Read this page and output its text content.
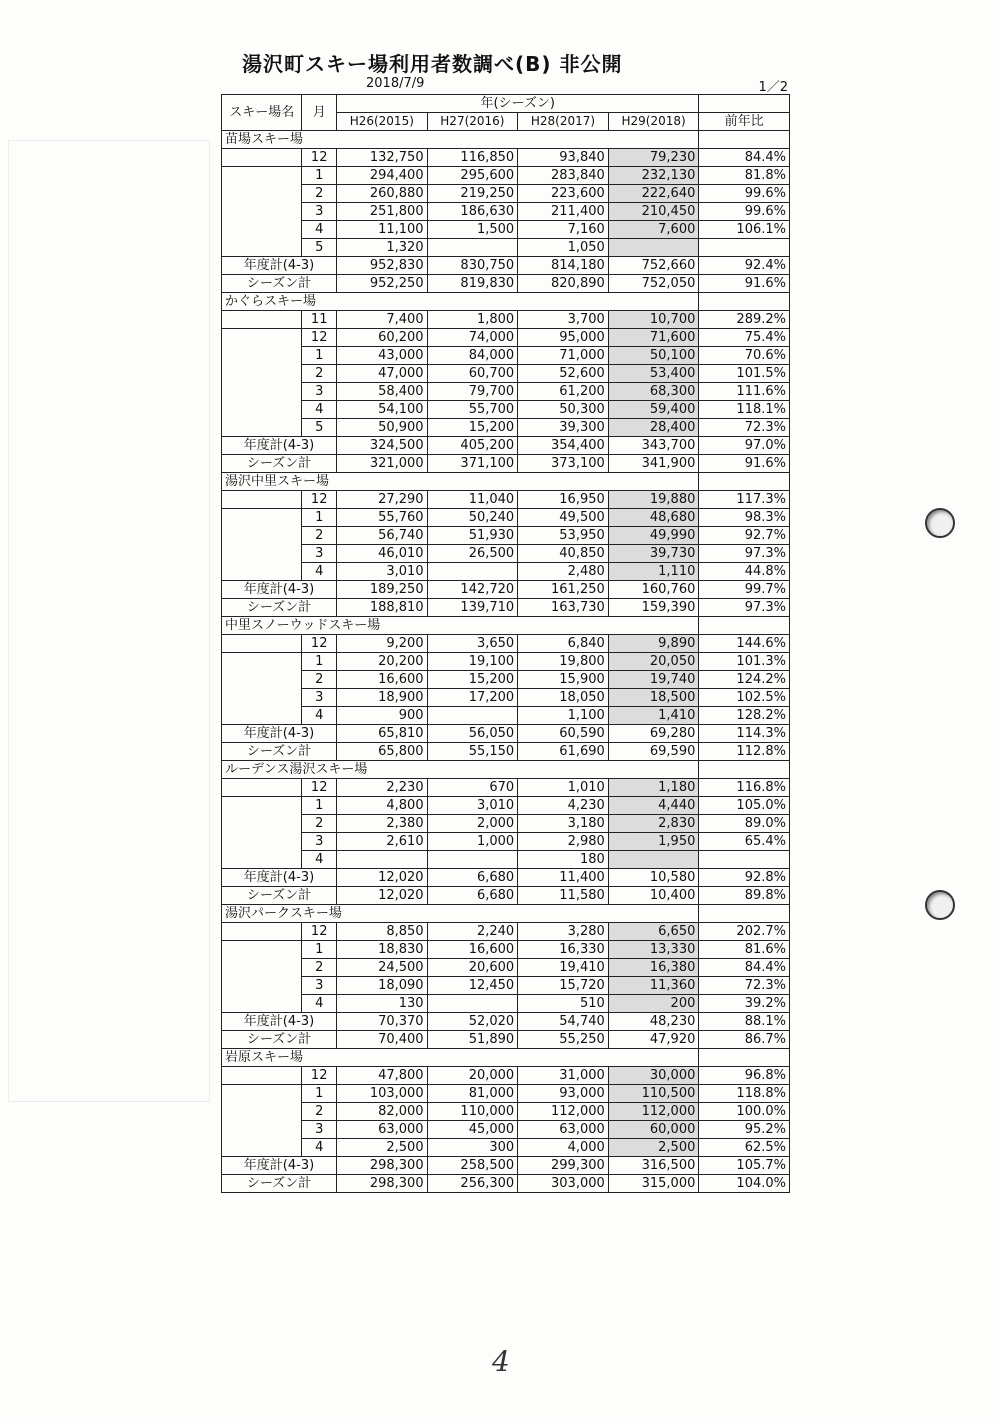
湯沢町スキー場利用者数調べ(B) 非公開
2018/7/9	1／2
スキー場名	月	年(シーズン)				
		H26(2015)	H27(2016)	H28(2017)	H29(2018)	前年比
苗場スキー場						
	12	132,750	116,850	93,840	79,230	84.4%
	1	294,400	295,600	283,840	232,130	81.8%
	2	260,880	219,250	223,600	222,640	99.6%
	3	251,800	186,630	211,400	210,450	99.6%
	4	11,100	1,500	7,160	7,600	106.1%
	5	1,320		1,050		
年度計(4-3)		952,830	830,750	814,180	752,660	92.4%
シーズン計		952,250	819,830	820,890	752,050	91.6%
かぐらスキー場						
	11	7,400	1,800	3,700	10,700	289.2%
	12	60,200	74,000	95,000	71,600	75.4%
	1	43,000	84,000	71,000	50,100	70.6%
	2	47,000	60,700	52,600	53,400	101.5%
	3	58,400	79,700	61,200	68,300	111.6%
	4	54,100	55,700	50,300	59,400	118.1%
	5	50,900	15,200	39,300	28,400	72.3%
年度計(4-3)		324,500	405,200	354,400	343,700	97.0%
シーズン計		321,000	371,100	373,100	341,900	91.6%
湯沢中里スキー場						
	12	27,290	11,040	16,950	19,880	117.3%
	1	55,760	50,240	49,500	48,680	98.3%
	2	56,740	51,930	53,950	49,990	92.7%
	3	46,010	26,500	40,850	39,730	97.3%
	4	3,010		2,480	1,110	44.8%
年度計(4-3)		189,250	142,720	161,250	160,760	99.7%
シーズン計		188,810	139,710	163,730	159,390	97.3%
中里スノーウッドスキー場						
	12	9,200	3,650	6,840	9,890	144.6%
	1	20,200	19,100	19,800	20,050	101.3%
	2	16,600	15,200	15,900	19,740	124.2%
	3	18,900	17,200	18,050	18,500	102.5%
	4	900		1,100	1,410	128.2%
年度計(4-3)		65,810	56,050	60,590	69,280	114.3%
シーズン計		65,800	55,150	61,690	69,590	112.8%
ルーデンス湯沢スキー場						
	12	2,230	670	1,010	1,180	116.8%
	1	4,800	3,010	4,230	4,440	105.0%
	2	2,380	2,000	3,180	2,830	89.0%
	3	2,610	1,000	2,980	1,950	65.4%
	4			180		
年度計(4-3)		12,020	6,680	11,400	10,580	92.8%
シーズン計		12,020	6,680	11,580	10,400	89.8%
湯沢パークスキー場						
	12	8,850	2,240	3,280	6,650	202.7%
	1	18,830	16,600	16,330	13,330	81.6%
	2	24,500	20,600	19,410	16,380	84.4%
	3	18,090	12,450	15,720	11,360	72.3%
	4	130		510	200	39.2%
年度計(4-3)		70,370	52,020	54,740	48,230	88.1%
シーズン計		70,400	51,890	55,250	47,920	86.7%
岩原スキー場						
	12	47,800	20,000	31,000	30,000	96.8%
	1	103,000	81,000	93,000	110,500	118.8%
	2	82,000	110,000	112,000	112,000	100.0%
	3	63,000	45,000	63,000	60,000	95.2%
	4	2,500	300	4,000	2,500	62.5%
年度計(4-3)		298,300	258,500	299,300	316,500	105.7%
シーズン計		298,300	256,300	303,000	315,000	104.0%
4
